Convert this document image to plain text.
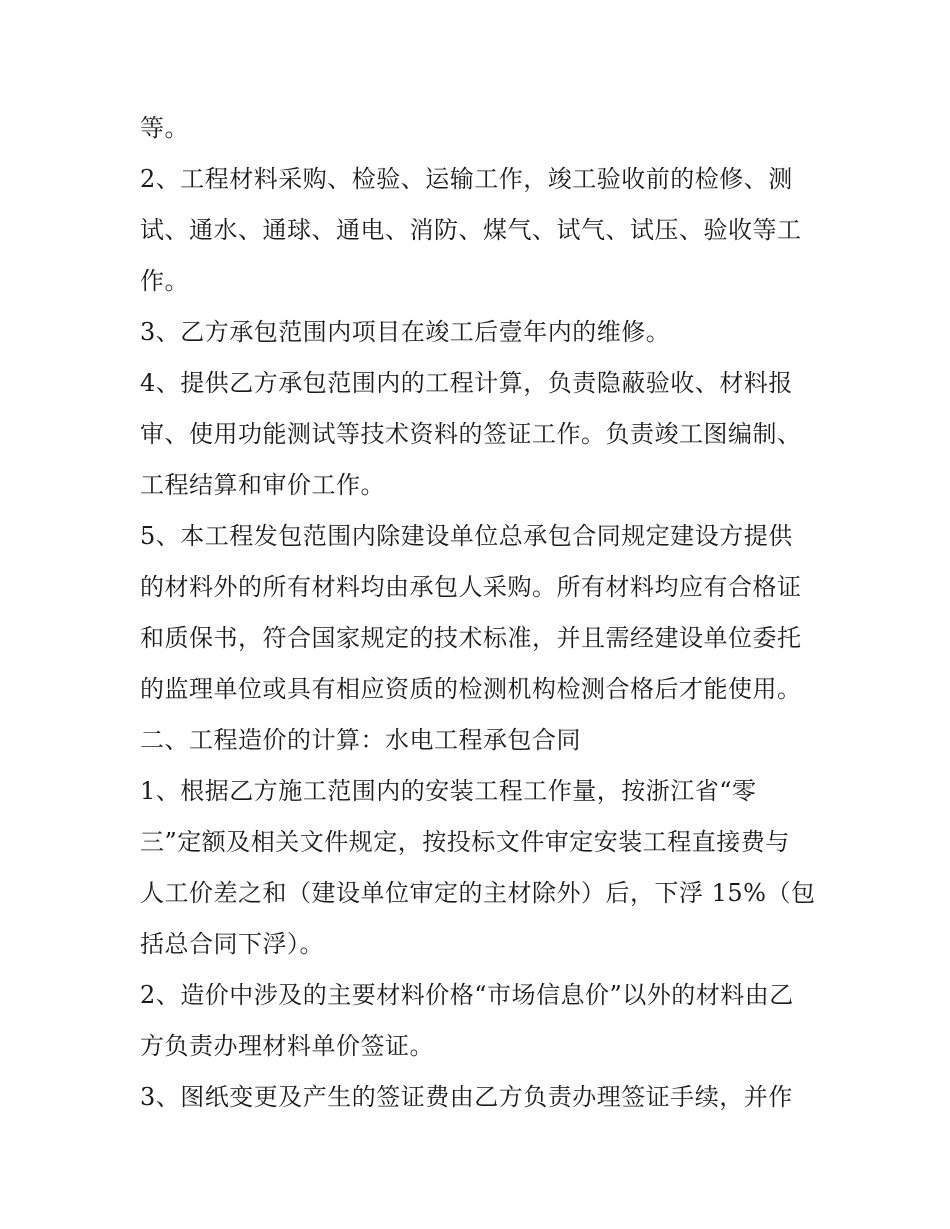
等。
2、工程材料采购、检验、运输工作，竣工验收前的检修、测
试、通水、通球、通电、消防、煤气、试气、试压、验收等工
作。
3、乙方承包范围内项目在竣工后壹年内的维修。
4、提供乙方承包范围内的工程计算，负责隐蔽验收、材料报
审、使用功能测试等技术资料的签证工作。负责竣工图编制、
工程结算和审价工作。
5、本工程发包范围内除建设单位总承包合同规定建设方提供
的材料外的所有材料均由承包人采购。所有材料均应有合格证
和质保书，符合国家规定的技术标准，并且需经建设单位委托
的监理单位或具有相应资质的检测机构检测合格后才能使用。
二、工程造价的计算：水电工程承包合同
1、根据乙方施工范围内的安装工程工作量，按浙江省“零
三”定额及相关文件规定，按投标文件审定安装工程直接费与
人工价差之和（建设单位审定的主材除外）后，下浮 15%（包
括总合同下浮）。
2、造价中涉及的主要材料价格“市场信息价”以外的材料由乙
方负责办理材料单价签证。
3、图纸变更及产生的签证费由乙方负责办理签证手续，并作
